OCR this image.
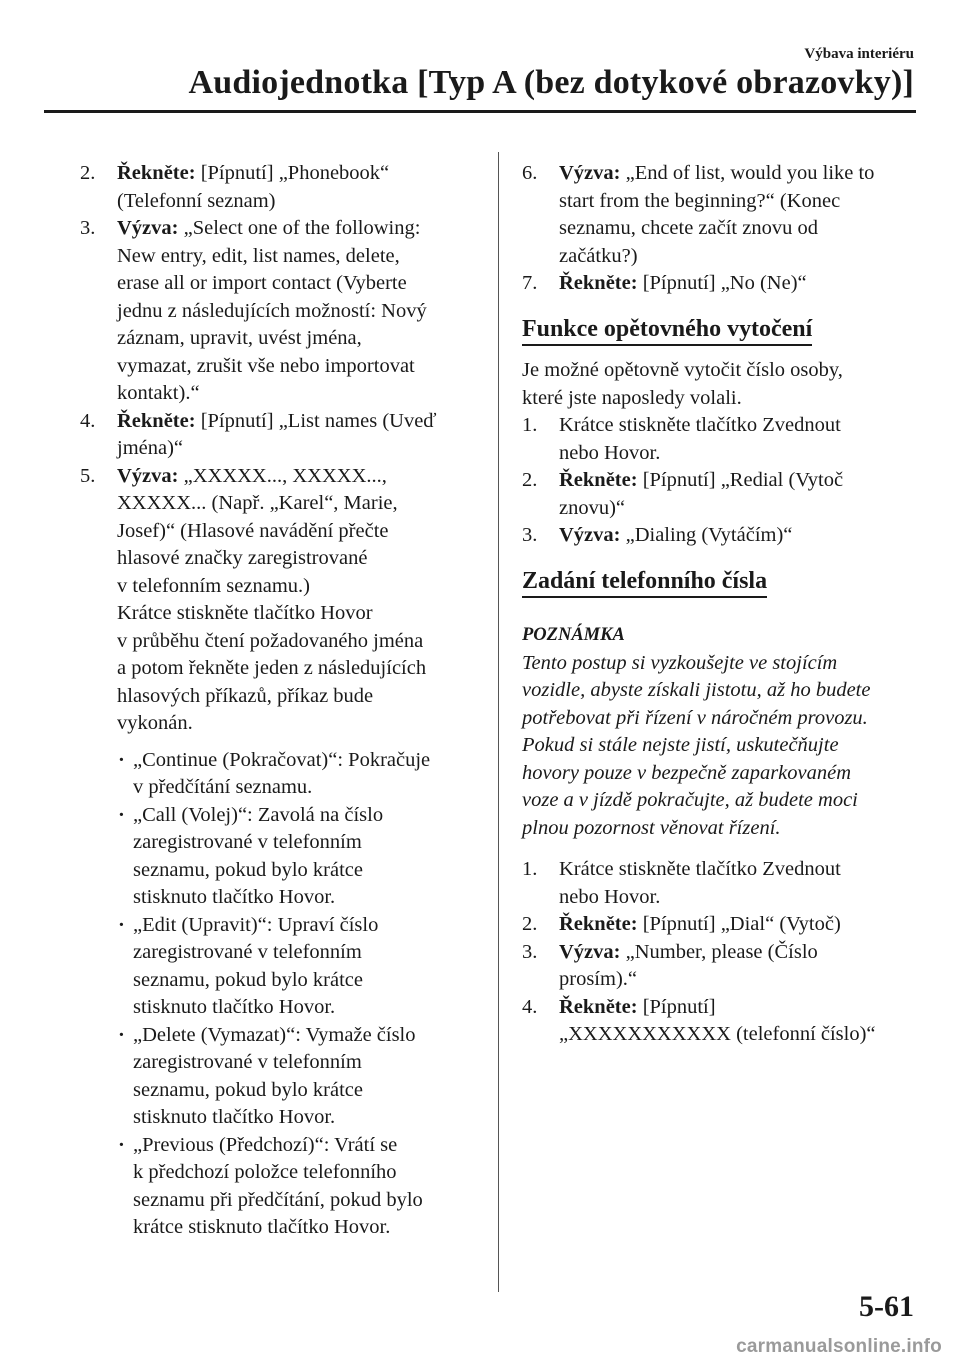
Výbava interiéru
Audiojednotka [Typ A (bez dotykové obrazovky)]
2.	Řekněte: [Pípnutí] „Phonebook“
(Telefonní seznam)
3.	Výzva: „Select one of the following:
New entry, edit, list names, delete,
erase all or import contact (Vyberte
jednu z následujících možností: Nový
záznam, upravit, uvést jména,
vymazat, zrušit vše nebo importovat
kontakt).“
4.	Řekněte: [Pípnutí] „List names (Uveď
jména)“
5.	Výzva: „XXXXX..., XXXXX...,
XXXXX... (Např. „Karel“, Marie,
Josef)“ (Hlasové navádění přečte
hlasové značky zaregistrované
v telefonním seznamu.)
Krátce stiskněte tlačítko Hovor
v průběhu čtení požadovaného jména
a potom řekněte jeden z následujících
hlasových příkazů, příkaz bude
vykonán.
· „Continue (Pokračovat)“: Pokračuje
v předčítání seznamu.
· „Call (Volej)“: Zavolá na číslo
zaregistrované v telefonním
seznamu, pokud bylo krátce
stisknuto tlačítko Hovor.
· „Edit (Upravit)“: Upraví číslo
zaregistrované v telefonním
seznamu, pokud bylo krátce
stisknuto tlačítko Hovor.
· „Delete (Vymazat)“: Vymaže číslo
zaregistrované v telefonním
seznamu, pokud bylo krátce
stisknuto tlačítko Hovor.
· „Previous (Předchozí)“: Vrátí se
k předchozí položce telefonního
seznamu při předčítání, pokud bylo
krátce stisknuto tlačítko Hovor.
6.	Výzva: „End of list, would you like to
start from the beginning?“ (Konec
seznamu, chcete začít znovu od
začátku?)
7.	Řekněte: [Pípnutí] „No (Ne)“
Funkce opětovného vytočení
Je možné opětovně vytočit číslo osoby,
které jste naposledy volali.
1.	Krátce stiskněte tlačítko Zvednout
nebo Hovor.
2.	Řekněte: [Pípnutí] „Redial (Vytoč
znovu)“
3.	Výzva: „Dialing (Vytáčím)“
Zadání telefonního čísla
POZNÁMKA
Tento postup si vyzkoušejte ve stojícím
vozidle, abyste získali jistotu, až ho budete
potřebovat při řízení v náročném provozu.
Pokud si stále nejste jistí, uskutečňujte
hovory pouze v bezpečně zaparkovaném
voze a v jízdě pokračujte, až budete moci
plnou pozornost věnovat řízení.
1.	Krátce stiskněte tlačítko Zvednout
nebo Hovor.
2.	Řekněte: [Pípnutí] „Dial“ (Vytoč)
3.	Výzva: „Number, please (Číslo
prosím).“
4.	Řekněte: [Pípnutí]
„XXXXXXXXXXX (telefonní číslo)“
5-61
carmanualsonline.info
